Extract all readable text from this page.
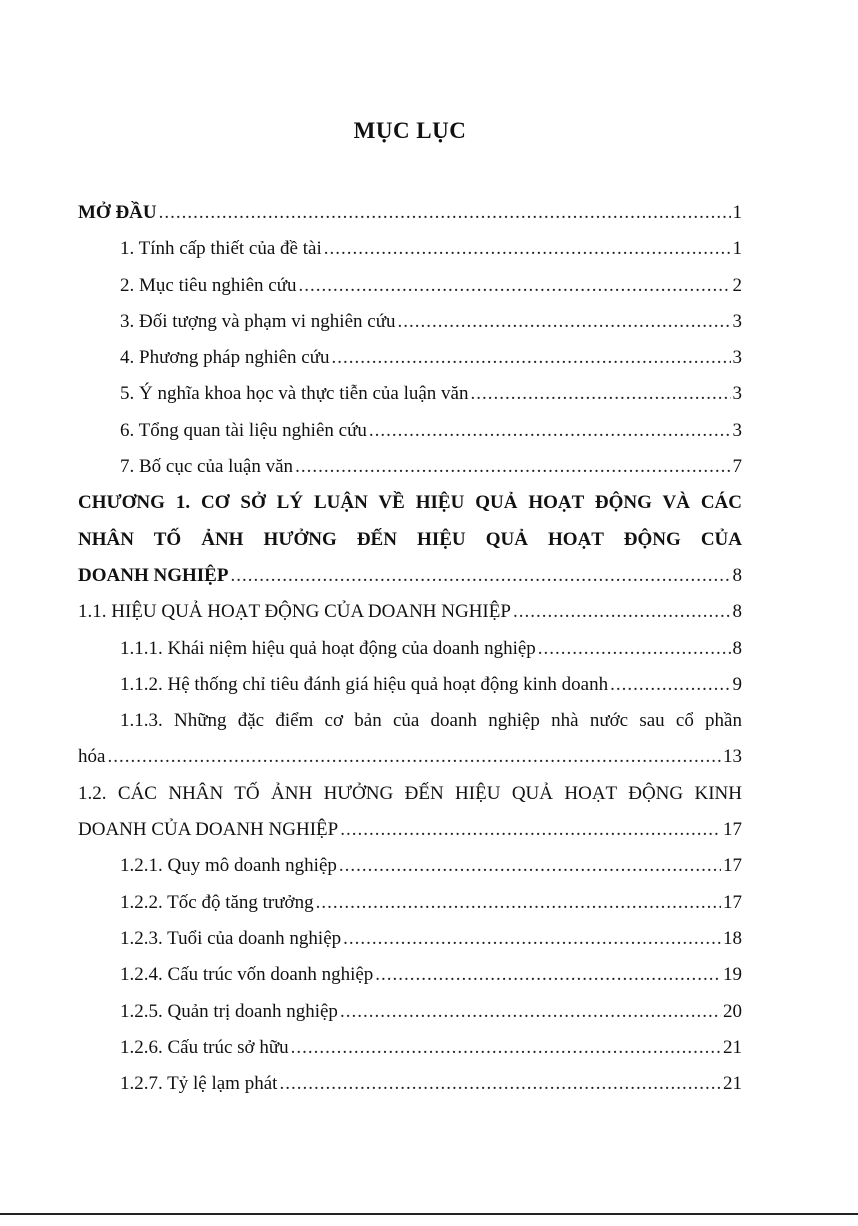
MỤC LỤC
MỞ ĐẦU .....	1
1. Tính cấp thiết của đề tài .....	1
2. Mục tiêu nghiên cứu .....	2
3. Đối tượng và phạm vi nghiên cứu .....	3
4. Phương pháp nghiên cứu .....	3
5. Ý nghĩa khoa học và thực tiễn của luận văn .....	3
6. Tổng quan tài liệu nghiên cứu .....	3
7. Bố cục của luận văn .....	7
CHƯƠNG 1. CƠ SỞ LÝ LUẬN VỀ HIỆU QUẢ HOẠT ĐỘNG VÀ CÁC
NHÂN TỐ ẢNH HƯỞNG ĐẾN HIỆU QUẢ HOẠT ĐỘNG CỦA
DOANH NGHIỆP .....	8
1.1. HIỆU QUẢ HOẠT ĐỘNG CỦA DOANH NGHIỆP .....	8
1.1.1. Khái niệm hiệu quả hoạt động của doanh nghiệp .....	8
1.1.2. Hệ thống chỉ tiêu đánh giá hiệu quả hoạt động kinh doanh .....	9
1.1.3. Những đặc điểm cơ bản của doanh nghiệp nhà nước sau cổ phần
hóa .....	13
1.2. CÁC NHÂN TỐ ẢNH HƯỞNG ĐẾN HIỆU QUẢ HOẠT ĐỘNG KINH
DOANH CỦA DOANH NGHIỆP .....	17
1.2.1. Quy mô doanh nghiệp .....	17
1.2.2. Tốc độ tăng trưởng .....	17
1.2.3. Tuổi của doanh nghiệp .....	18
1.2.4. Cấu trúc vốn doanh nghiệp .....	19
1.2.5. Quản trị doanh nghiệp .....	20
1.2.6. Cấu trúc sở hữu .....	21
1.2.7. Tỷ lệ lạm phát .....	21
